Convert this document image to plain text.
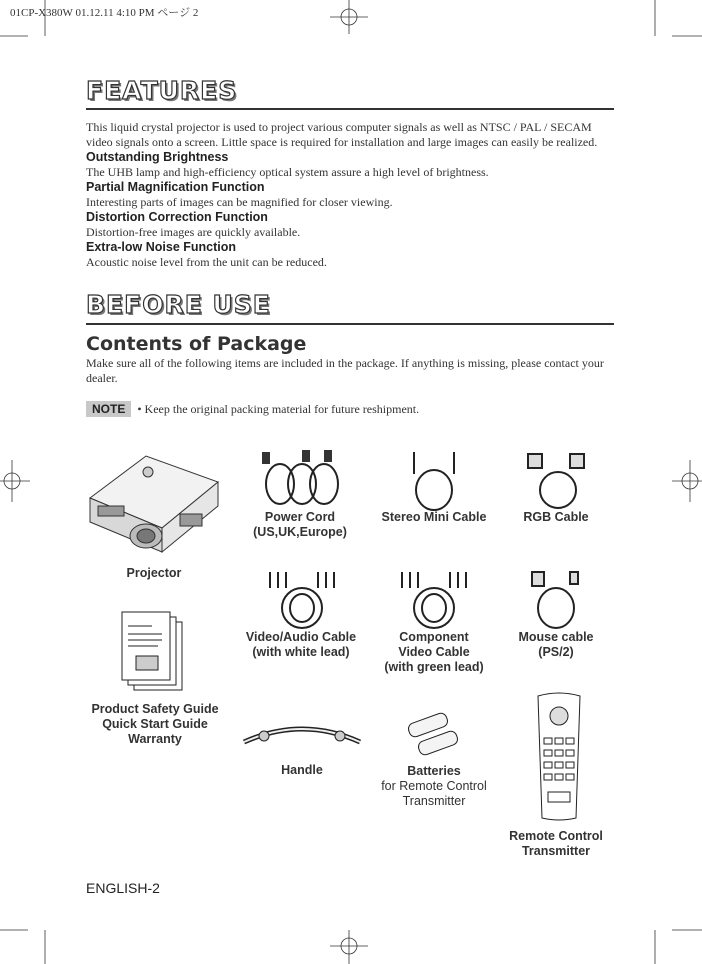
01CP-X380W 01.12.11 4:10 PM ページ 2
FEATURES

This liquid crystal projector is used to project various computer signals as well as NTSC / PAL / SECAM video signals onto a screen. Little space is required for installation and large images can easily be realized.

Outstanding Brightness

The UHB lamp and high-efficiency optical system assure a high level of brightness.

Partial Magnification Function

Interesting parts of images can be magnified for closer viewing.

Distortion Correction Function

Distortion-free images are quickly available.

Extra-low Noise Function

Acoustic noise level from the unit can be reduced.

BEFORE USE
Contents of Package
Make sure all of the following items are included in the package. If anything is missing, please contact your dealer.
NOTE	• Keep the original packing material for future reshipment.
Projector
Power Cord
(US,UK,Europe)
Stereo Mini Cable	RGB Cable
Video/Audio Cable
(with white lead)
Component
Video Cable
(with green lead)
Mouse cable
(PS/2)
Product Safety Guide
Quick Start Guide
Warranty
Handle	Batteries
for Remote Control
Transmitter
Remote Control
Transmitter
ENGLISH-2
